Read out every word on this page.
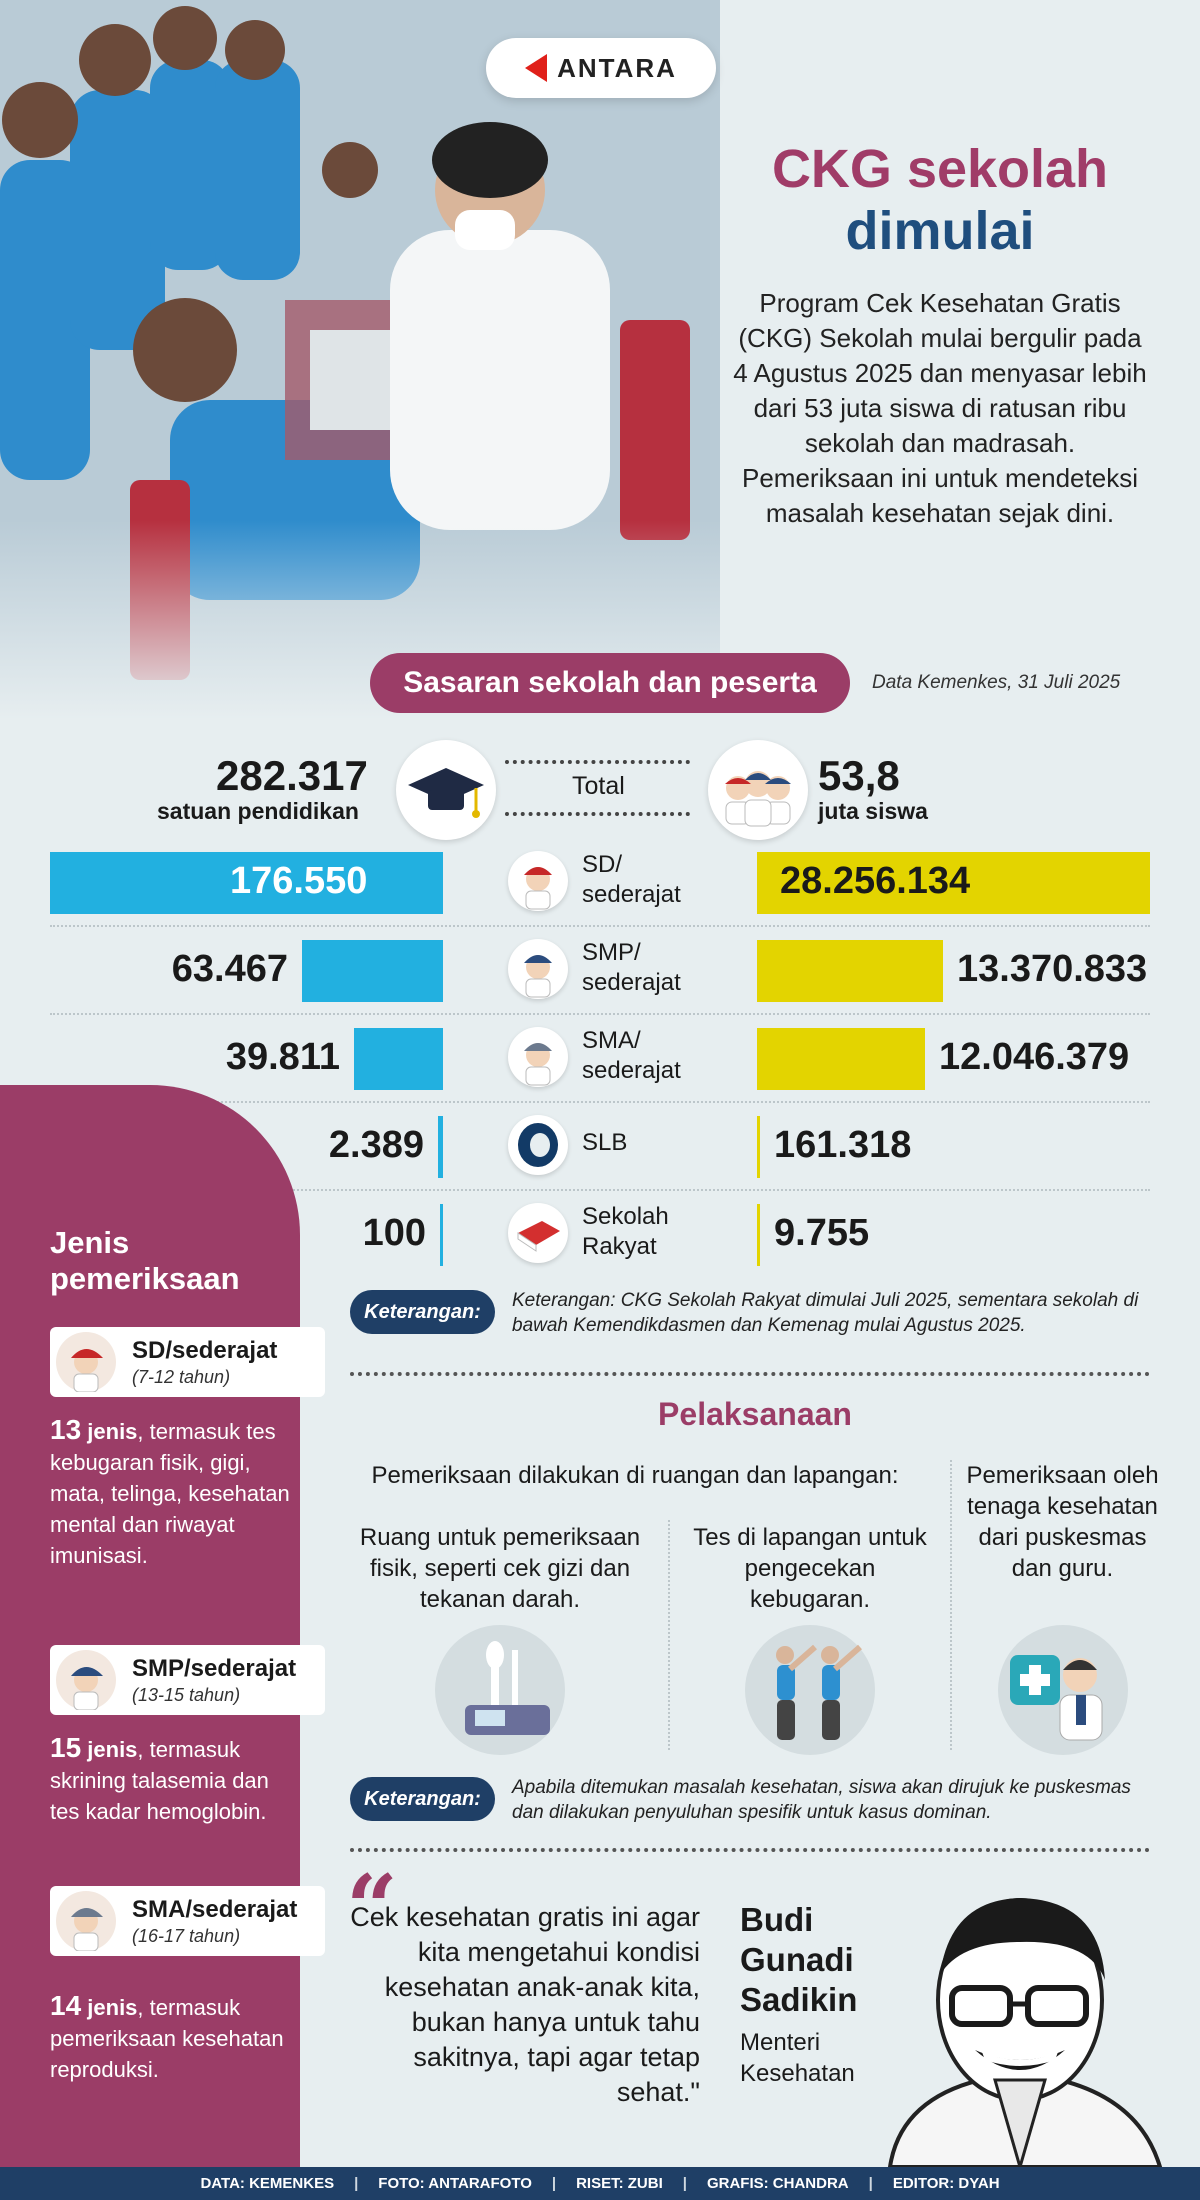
ANTARA
CKG sekolah
dimulai
Program Cek Kesehatan Gratis (CKG) Sekolah mulai bergulir pada 4 Agustus 2025 dan menyasar lebih dari 53 juta siswa di ratusan ribu sekolah dan madrasah. Pemeriksaan ini untuk mendeteksi masalah kesehatan sejak dini.
Sasaran sekolah dan peserta	Data Kemenkes, 31 Juli 2025
282.317
satuan pendidikan
Total	53,8
juta siswa
176.550	SD/ sederajat	28.256.134
63.467	SMP/ sederajat	13.370.833
39.811	SMA/ sederajat	12.046.379
2.389	SLB	161.318
100	Sekolah Rakyat	9.755
Keterangan:	Keterangan: CKG Sekolah Rakyat dimulai Juli 2025, sementara sekolah di bawah Kemendikdasmen dan Kemenag mulai Agustus 2025.
Jenis pemeriksaan
SD/sederajat
(7-12 tahun)
13 jenis, termasuk tes kebugaran fisik, gigi, mata, telinga, kesehatan mental dan riwayat imunisasi.
SMP/sederajat
(13-15 tahun)
15 jenis, termasuk skrining talasemia dan tes kadar hemoglobin.
SMA/sederajat
(16-17 tahun)
14 jenis, termasuk pemeriksaan kesehatan reproduksi.
Pelaksanaan
Pemeriksaan dilakukan di ruangan dan lapangan:
Ruang untuk pemeriksaan fisik, seperti cek gizi dan tekanan darah.
Tes di lapangan untuk pengecekan kebugaran.
Pemeriksaan oleh tenaga kesehatan dari puskesmas dan guru.
Keterangan:	Apabila ditemukan masalah kesehatan, siswa akan dirujuk ke puskesmas dan dilakukan penyuluhan spesifik untuk kasus dominan.
“
Cek kesehatan gratis ini agar kita mengetahui kondisi kesehatan anak-anak kita, bukan hanya untuk tahu sakitnya, tapi agar tetap sehat."
Budi
Gunadi
Sadikin
Menteri
Kesehatan
DATA: KEMENKES | FOTO: ANTARAFOTO | RISET: ZUBI | GRAFIS: CHANDRA | EDITOR: DYAH
